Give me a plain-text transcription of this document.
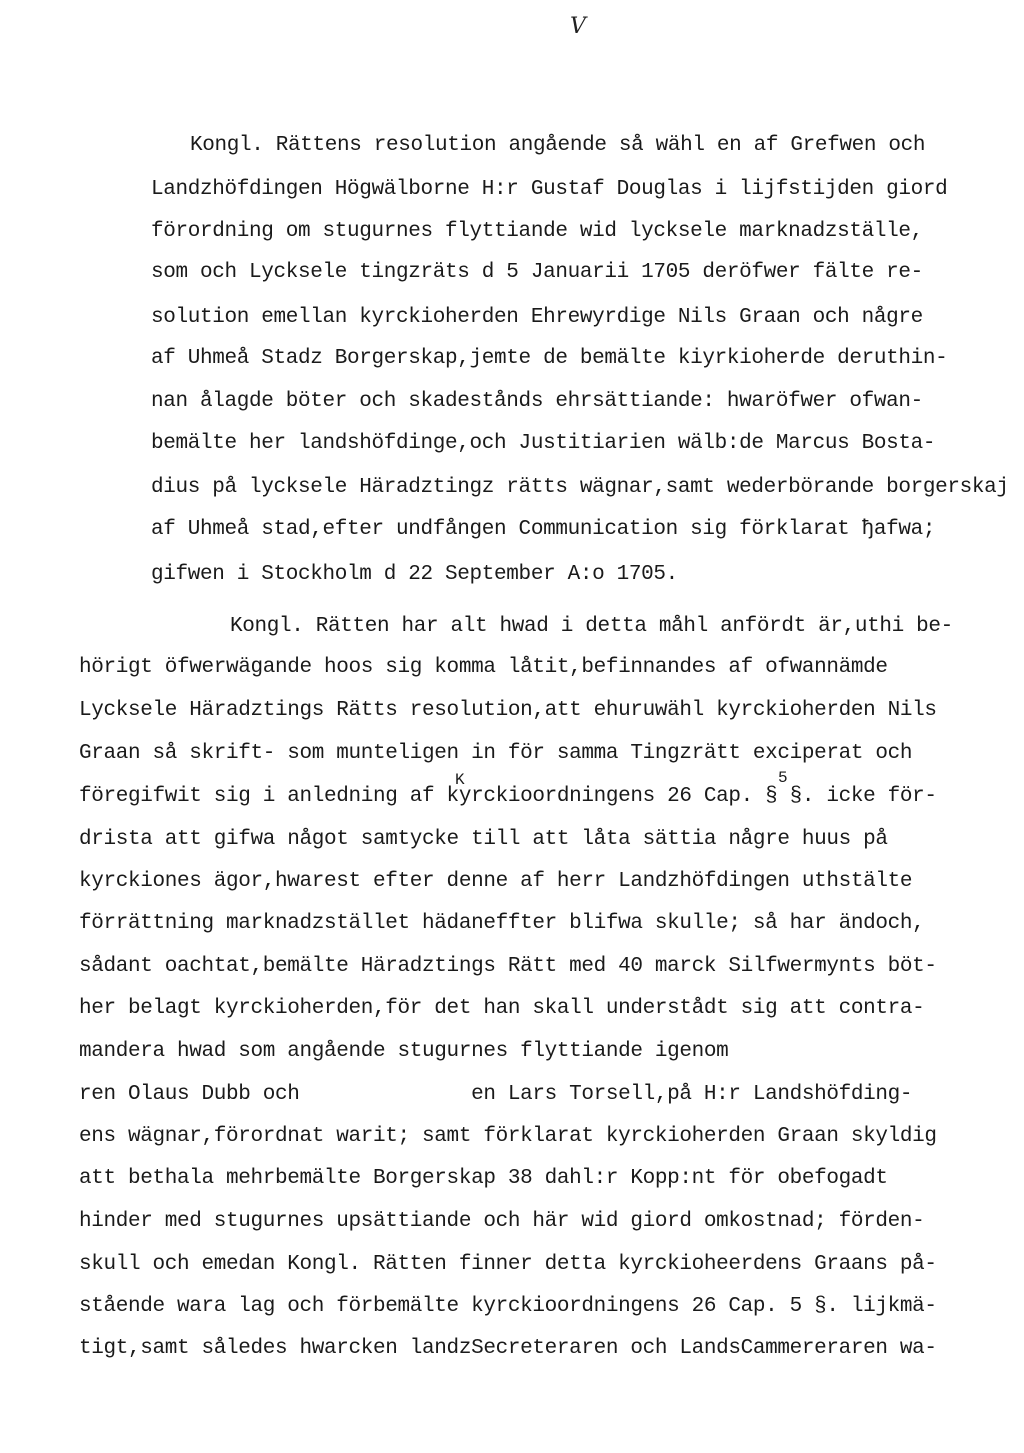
V
Kongl. Rättens resolution angående så wähl en af Grefwen och
Landzhöfdingen Högwälborne H:r Gustaf Douglas i lijfstijden giord
förordning om stugurnes flyttiande wid lycksele marknadzställe,
som och Lycksele tingzräts d 5 Januarii 1705 deröfwer fälte re-
solution emellan kyrckioherden Ehrewyrdige Nils Graan och någre
af Uhmeå Stadz Borgerskap,jemte de bemälte kiyrkioherde deruthin-
nan ålagde böter och skadestånds ehrsättiande: hwaröfwer ofwan-
bemälte her landshöfdinge,och Justitiarien wälb:de Marcus Bosta-
dius på lycksele Häradztingz rätts wägnar,samt wederbörande borgerskaj
af Uhmeå stad,efter undfången Communication sig förklarat ђafwa;
gifwen i Stockholm d 22 September A:o 1705.
Kongl. Rätten har alt hwad i detta måhl anfördt är,uthi be-
hörigt öfwerwägande hoos sig komma låtit,befinnandes af ofwannämde
Lycksele Häradztings Rätts resolution,att ehuruwähl kyrckioherden Nils
Graan så skrift- som munteligen in för samma Tingzrätt exciperat och
K	5
föregifwit sig i anledning af kyrckioordningens 26 Cap. § §. icke för-
drista att gifwa något samtycke till att låta sättia någre huus på
kyrckiones ägor,hwarest efter denne af herr Landzhöfdingen uthstälte
förrättning marknadzstället hädaneffter blifwa skulle; så har ändoch,
sådant oachtat,bemälte Häradztings Rätt med 40 marck Silfwermynts böt-
her belagt kyrckioherden,för det han skall understådt sig att contra-
mandera hwad som angående stugurnes flyttiande igenom
ren Olaus Dubb och              en Lars Torsell,på H:r Landshöfding-
ens wägnar,förordnat warit; samt förklarat kyrckioherden Graan skyldig
att bethala mehrbemälte Borgerskap 38 dahl:r Kopp:nt för obefogadt
hinder med stugurnes upsättiande och här wid giord omkostnad; förden-
skull och emedan Kongl. Rätten finner detta kyrckioheerdens Graans på-
stående wara lag och förbemälte kyrckioordningens 26 Cap. 5 §. lijkmä-
tigt,samt således hwarcken landzSecreteraren och LandsCammereraren wa-
